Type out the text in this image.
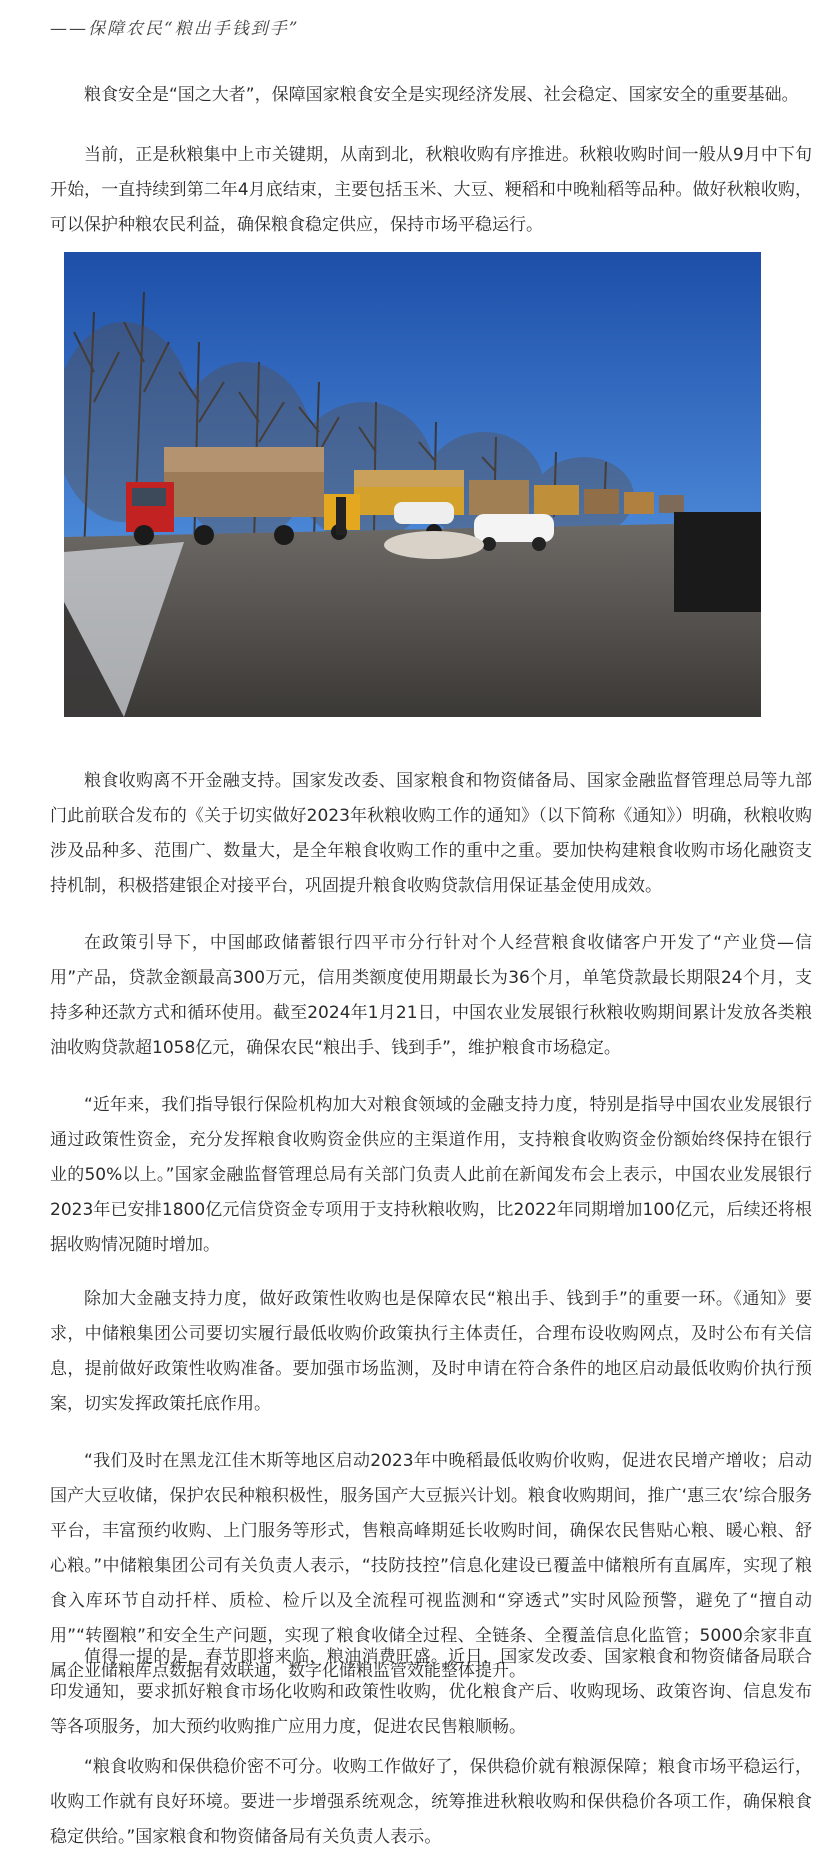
——保障农民“粮出手钱到手”

粮食安全是“国之大者”，保障国家粮食安全是实现经济发展、社会稳定、国家安全的重要基础。

当前，正是秋粮集中上市关键期，从南到北，秋粮收购有序推进。秋粮收购时间一般从9月中下旬开始，一直持续到第二年4月底结束，主要包括玉米、大豆、粳稻和中晚籼稻等品种。做好秋粮收购，可以保护种粮农民利益，确保粮食稳定供应，保持市场平稳运行。

粮食收购离不开金融支持。国家发改委、国家粮食和物资储备局、国家金融监督管理总局等九部门此前联合发布的《关于切实做好2023年秋粮收购工作的通知》（以下简称《通知》）明确，秋粮收购涉及品种多、范围广、数量大，是全年粮食收购工作的重中之重。要加快构建粮食收购市场化融资支持机制，积极搭建银企对接平台，巩固提升粮食收购贷款信用保证基金使用成效。

在政策引导下，中国邮政储蓄银行四平市分行针对个人经营粮食收储客户开发了“产业贷—信用”产品，贷款金额最高300万元，信用类额度使用期最长为36个月，单笔贷款最长期限24个月，支持多种还款方式和循环使用。截至2024年1月21日，中国农业发展银行秋粮收购期间累计发放各类粮油收购贷款超1058亿元，确保农民“粮出手、钱到手”，维护粮食市场稳定。

“近年来，我们指导银行保险机构加大对粮食领域的金融支持力度，特别是指导中国农业发展银行通过政策性资金，充分发挥粮食收购资金供应的主渠道作用，支持粮食收购资金份额始终保持在银行业的50%以上。”国家金融监督管理总局有关部门负责人此前在新闻发布会上表示，中国农业发展银行2023年已安排1800亿元信贷资金专项用于支持秋粮收购，比2022年同期增加100亿元，后续还将根据收购情况随时增加。

除加大金融支持力度，做好政策性收购也是保障农民“粮出手、钱到手”的重要一环。《通知》要求，中储粮集团公司要切实履行最低收购价政策执行主体责任，合理布设收购网点，及时公布有关信息，提前做好政策性收购准备。要加强市场监测，及时申请在符合条件的地区启动最低收购价执行预案，切实发挥政策托底作用。

“我们及时在黑龙江佳木斯等地区启动2023年中晚稻最低收购价收购，促进农民增产增收；启动国产大豆收储，保护农民种粮积极性，服务国产大豆振兴计划。粮食收购期间，推广‘惠三农’综合服务平台，丰富预约收购、上门服务等形式，售粮高峰期延长收购时间，确保农民售贴心粮、暖心粮、舒心粮。”中储粮集团公司有关负责人表示，“技防技控”信息化建设已覆盖中储粮所有直属库，实现了粮食入库环节自动扦样、质检、检斤以及全流程可视监测和“穿透式”实时风险预警，避免了“擅自动用”“转圈粮”和安全生产问题，实现了粮食收储全过程、全链条、全覆盖信息化监管；5000余家非直属企业储粮库点数据有效联通，数字化储粮监管效能整体提升。

值得一提的是，春节即将来临，粮油消费旺盛。近日，国家发改委、国家粮食和物资储备局联合印发通知，要求抓好粮食市场化收购和政策性收购，优化粮食产后、收购现场、政策咨询、信息发布等各项服务，加大预约收购推广应用力度，促进农民售粮顺畅。

“粮食收购和保供稳价密不可分。收购工作做好了，保供稳价就有粮源保障；粮食市场平稳运行，收购工作就有良好环境。要进一步增强系统观念，统筹推进秋粮收购和保供稳价各项工作，确保粮食稳定供给。”国家粮食和物资储备局有关负责人表示。
